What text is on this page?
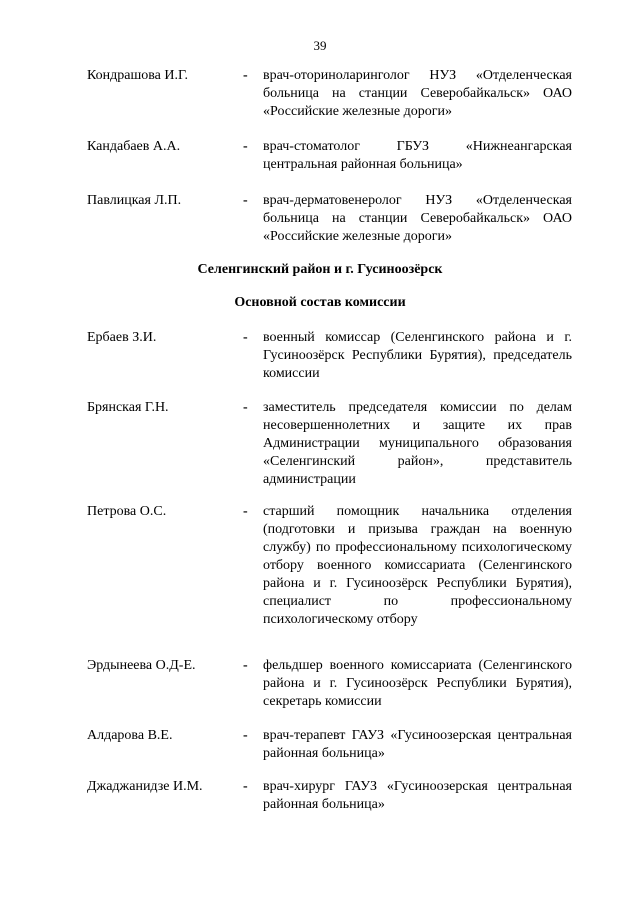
39
Кондрашова И.Г.	- врач-оториноларинголог НУЗ «Отделенческая больница на станции Северобайкальск» ОАО «Российские железные дороги»
Кандабаев А.А.	- врач-стоматолог ГБУЗ «Нижнеангарская центральная районная больница»
Павлицкая Л.П.	- врач-дерматовенеролог НУЗ «Отделенческая больница на станции Северобайкальск» ОАО «Российские железные дороги»
Селенгинский район и г. Гусиноозёрск
Основной состав комиссии
Ербаев З.И.	- военный комиссар (Селенгинского района и г. Гусиноозёрск Республики Бурятия), председатель комиссии
Брянская Г.Н.	- заместитель председателя комиссии по делам несовершеннолетних и защите их прав Администрации муниципального образования «Селенгинский район», представитель администрации
Петрова О.С.	- старший помощник начальника отделения (подготовки и призыва граждан на военную службу) по профессиональному психологическому отбору военного комиссариата (Селенгинского района и г. Гусиноозёрск Республики Бурятия), специалист по профессиональному психологическому отбору
Эрдынеева О.Д-Е.	- фельдшер военного комиссариата (Селенгинского района и г. Гусиноозёрск Республики Бурятия), секретарь комиссии
Алдарова В.Е.	- врач-терапевт ГАУЗ «Гусиноозерская центральная районная больница»
Джаджанидзе И.М.	- врач-хирург ГАУЗ «Гусиноозерская центральная районная больница»
